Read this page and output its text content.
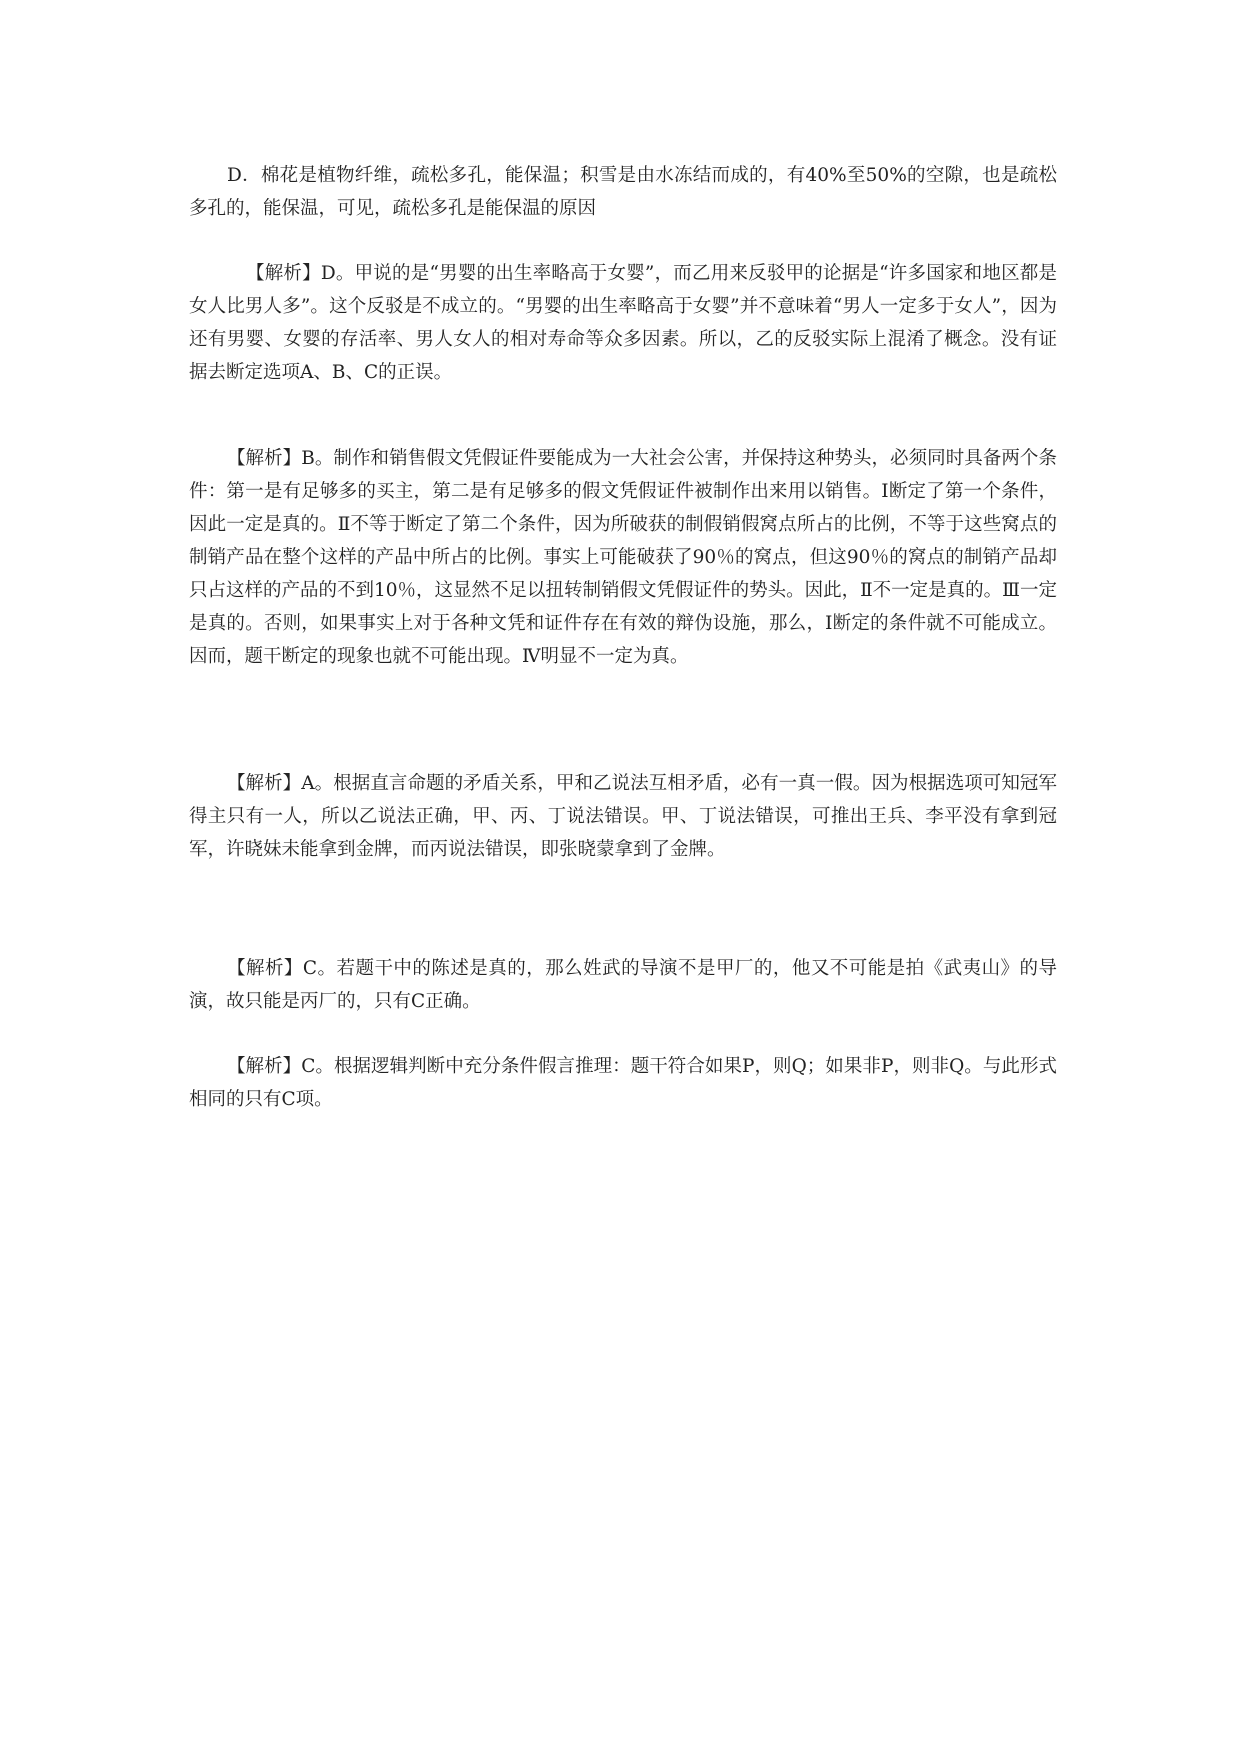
D．棉花是植物纤维，疏松多孔，能保温；积雪是由水冻结而成的，有40%至50%的空隙，也是疏松多孔的，能保温，可见，疏松多孔是能保温的原因

【解析】D。甲说的是“男婴的出生率略高于女婴”，而乙用来反驳甲的论据是“许多国家和地区都是女人比男人多”。这个反驳是不成立的。“男婴的出生率略高于女婴”并不意味着“男人一定多于女人”，因为还有男婴、女婴的存活率、男人女人的相对寿命等众多因素。所以，乙的反驳实际上混淆了概念。没有证据去断定选项A、B、C的正误。

【解析】B。制作和销售假文凭假证件要能成为一大社会公害，并保持这种势头，必须同时具备两个条件：第一是有足够多的买主，第二是有足够多的假文凭假证件被制作出来用以销售。Ⅰ断定了第一个条件，因此一定是真的。Ⅱ不等于断定了第二个条件，因为所破获的制假销假窝点所占的比例，不等于这些窝点的制销产品在整个这样的产品中所占的比例。事实上可能破获了90％的窝点，但这90％的窝点的制销产品却只占这样的产品的不到10％，这显然不足以扭转制销假文凭假证件的势头。因此，Ⅱ不一定是真的。Ⅲ一定是真的。否则，如果事实上对于各种文凭和证件存在有效的辩伪设施，那么，Ⅰ断定的条件就不可能成立。因而，题干断定的现象也就不可能出现。Ⅳ明显不一定为真。

【解析】A。根据直言命题的矛盾关系，甲和乙说法互相矛盾，必有一真一假。因为根据选项可知冠军得主只有一人，所以乙说法正确，甲、丙、丁说法错误。甲、丁说法错误，可推出王兵、李平没有拿到冠军，许晓妹未能拿到金牌，而丙说法错误，即张晓蒙拿到了金牌。

【解析】C。若题干中的陈述是真的，那么姓武的导演不是甲厂的，他又不可能是拍《武夷山》的导演，故只能是丙厂的，只有C正确。

【解析】C。根据逻辑判断中充分条件假言推理：题干符合如果P，则Q；如果非P，则非Q。与此形式相同的只有C项。
